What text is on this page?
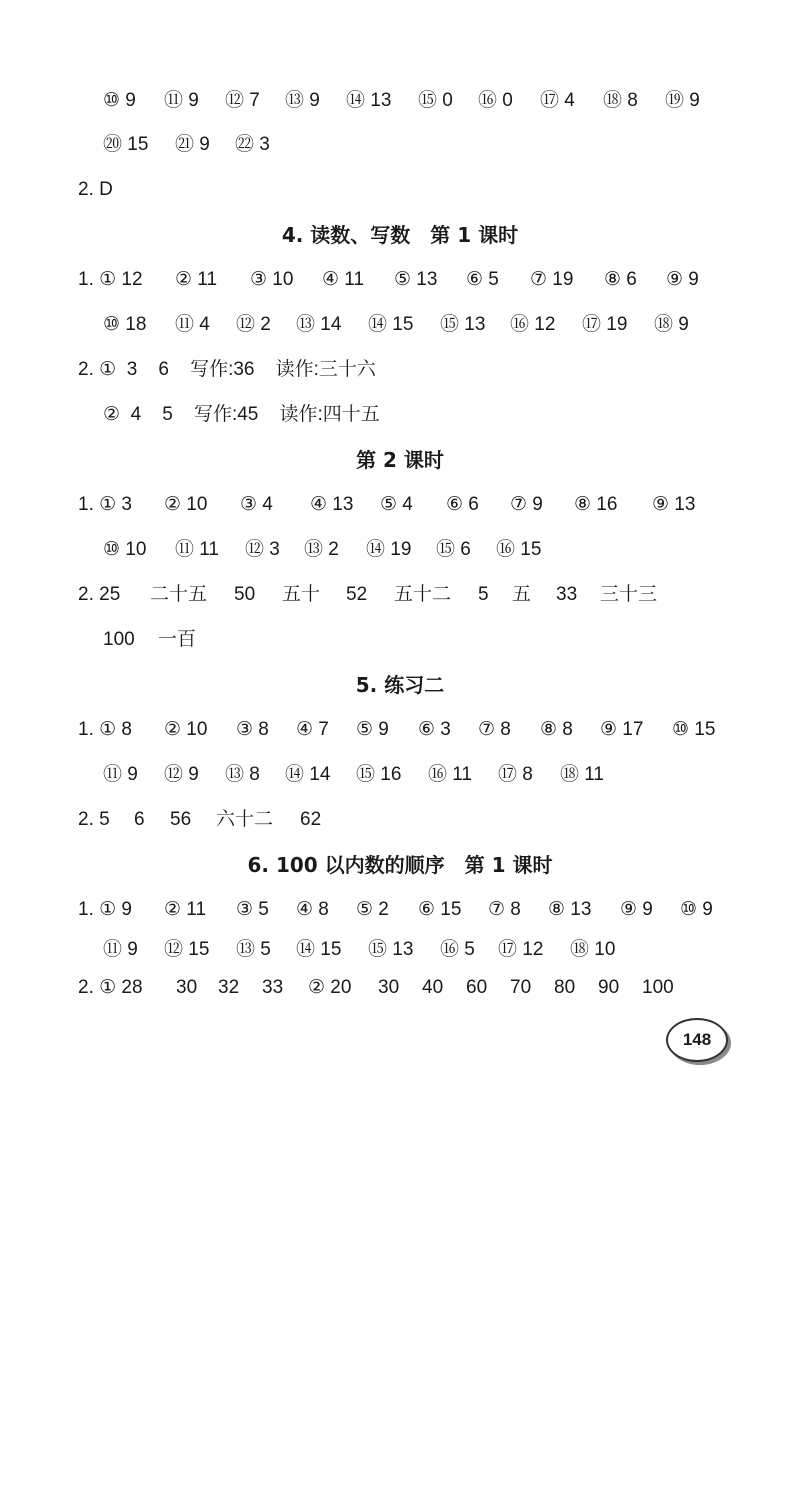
⑩ 9

⑪ 9

⑫ 7

⑬ 9

⑭ 13

⑮ 0

⑯ 0

⑰ 4

⑱ 8

⑲ 9

⑳ 15

㉑ 9

㉒ 3

2. D

4. 读数、写数　第 1 课时

1. ① 12

② 11

③ 10

④ 11

⑤ 13

⑥ 5

⑦ 19

⑧ 6

⑨ 9

⑩ 18

⑪ 4

⑫ 2

⑬ 14

⑭ 15

⑮ 13

⑯ 12

⑰ 19

⑱ 9

2. ①  3    6    写作:36    读作:三十六

②  4    5    写作:45    读作:四十五

第 2 课时

1. ① 3

② 10

③ 4

④ 13

⑤ 4

⑥ 6

⑦ 9

⑧ 16

⑨ 13

⑩ 10

⑪ 11

⑫ 3

⑬ 2

⑭ 19

⑮ 6

⑯ 15

2. 25

二十五

50

五十

52

五十二

5

五

33

三十三

100

一百

5. 练习二

1. ① 8

② 10

③ 8

④ 7

⑤ 9

⑥ 3

⑦ 8

⑧ 8

⑨ 17

⑩ 15

⑪ 9

⑫ 9

⑬ 8

⑭ 14

⑮ 16

⑯ 11

⑰ 8

⑱ 11

2. 5

6

56

六十二

62

6. 100 以内数的顺序　第 1 课时

1. ① 9

② 11

③ 5

④ 8

⑤ 2

⑥ 15

⑦ 8

⑧ 13

⑨ 9

⑩ 9

⑪ 9

⑫ 15

⑬ 5

⑭ 15

⑮ 13

⑯ 5

⑰ 12

⑱ 10

2. ① 28

30

32

33

② 20

30

40

60

70

80

90

100

148
